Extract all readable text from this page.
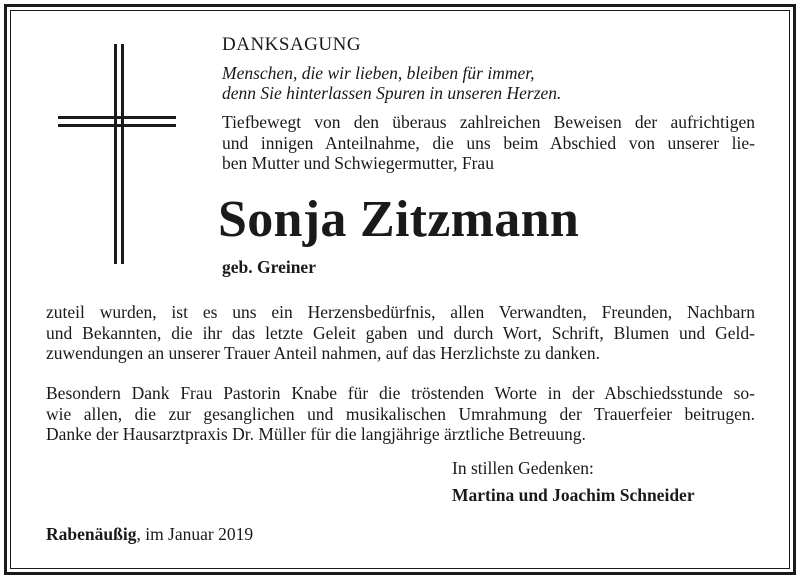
DANKSAGUNG
Menschen, die wir lieben, bleiben für immer,
denn Sie hinterlassen Spuren in unseren Herzen.
Tiefbewegt von den überaus zahlreichen Beweisen der aufrichtigen
und innigen Anteilnahme, die uns beim Abschied von unserer lie-
ben Mutter und Schwiegermutter, Frau
Sonja Zitzmann
geb. Greiner
zuteil wurden, ist es uns ein Herzensbedürfnis, allen Verwandten, Freunden, Nachbarn
und Bekannten, die ihr das letzte Geleit gaben und durch Wort, Schrift, Blumen und Geld-
zuwendungen an unserer Trauer Anteil nahmen, auf das Herzlichste zu danken.
Besondern Dank Frau Pastorin Knabe für die tröstenden Worte in der Abschiedsstunde so-
wie allen, die zur gesanglichen und musikalischen Umrahmung der Trauerfeier beitrugen.
Danke der Hausarztpraxis Dr. Müller für die langjährige ärztliche Betreuung.
In stillen Gedenken:
Martina und Joachim Schneider
Rabenäußig, im Januar 2019
